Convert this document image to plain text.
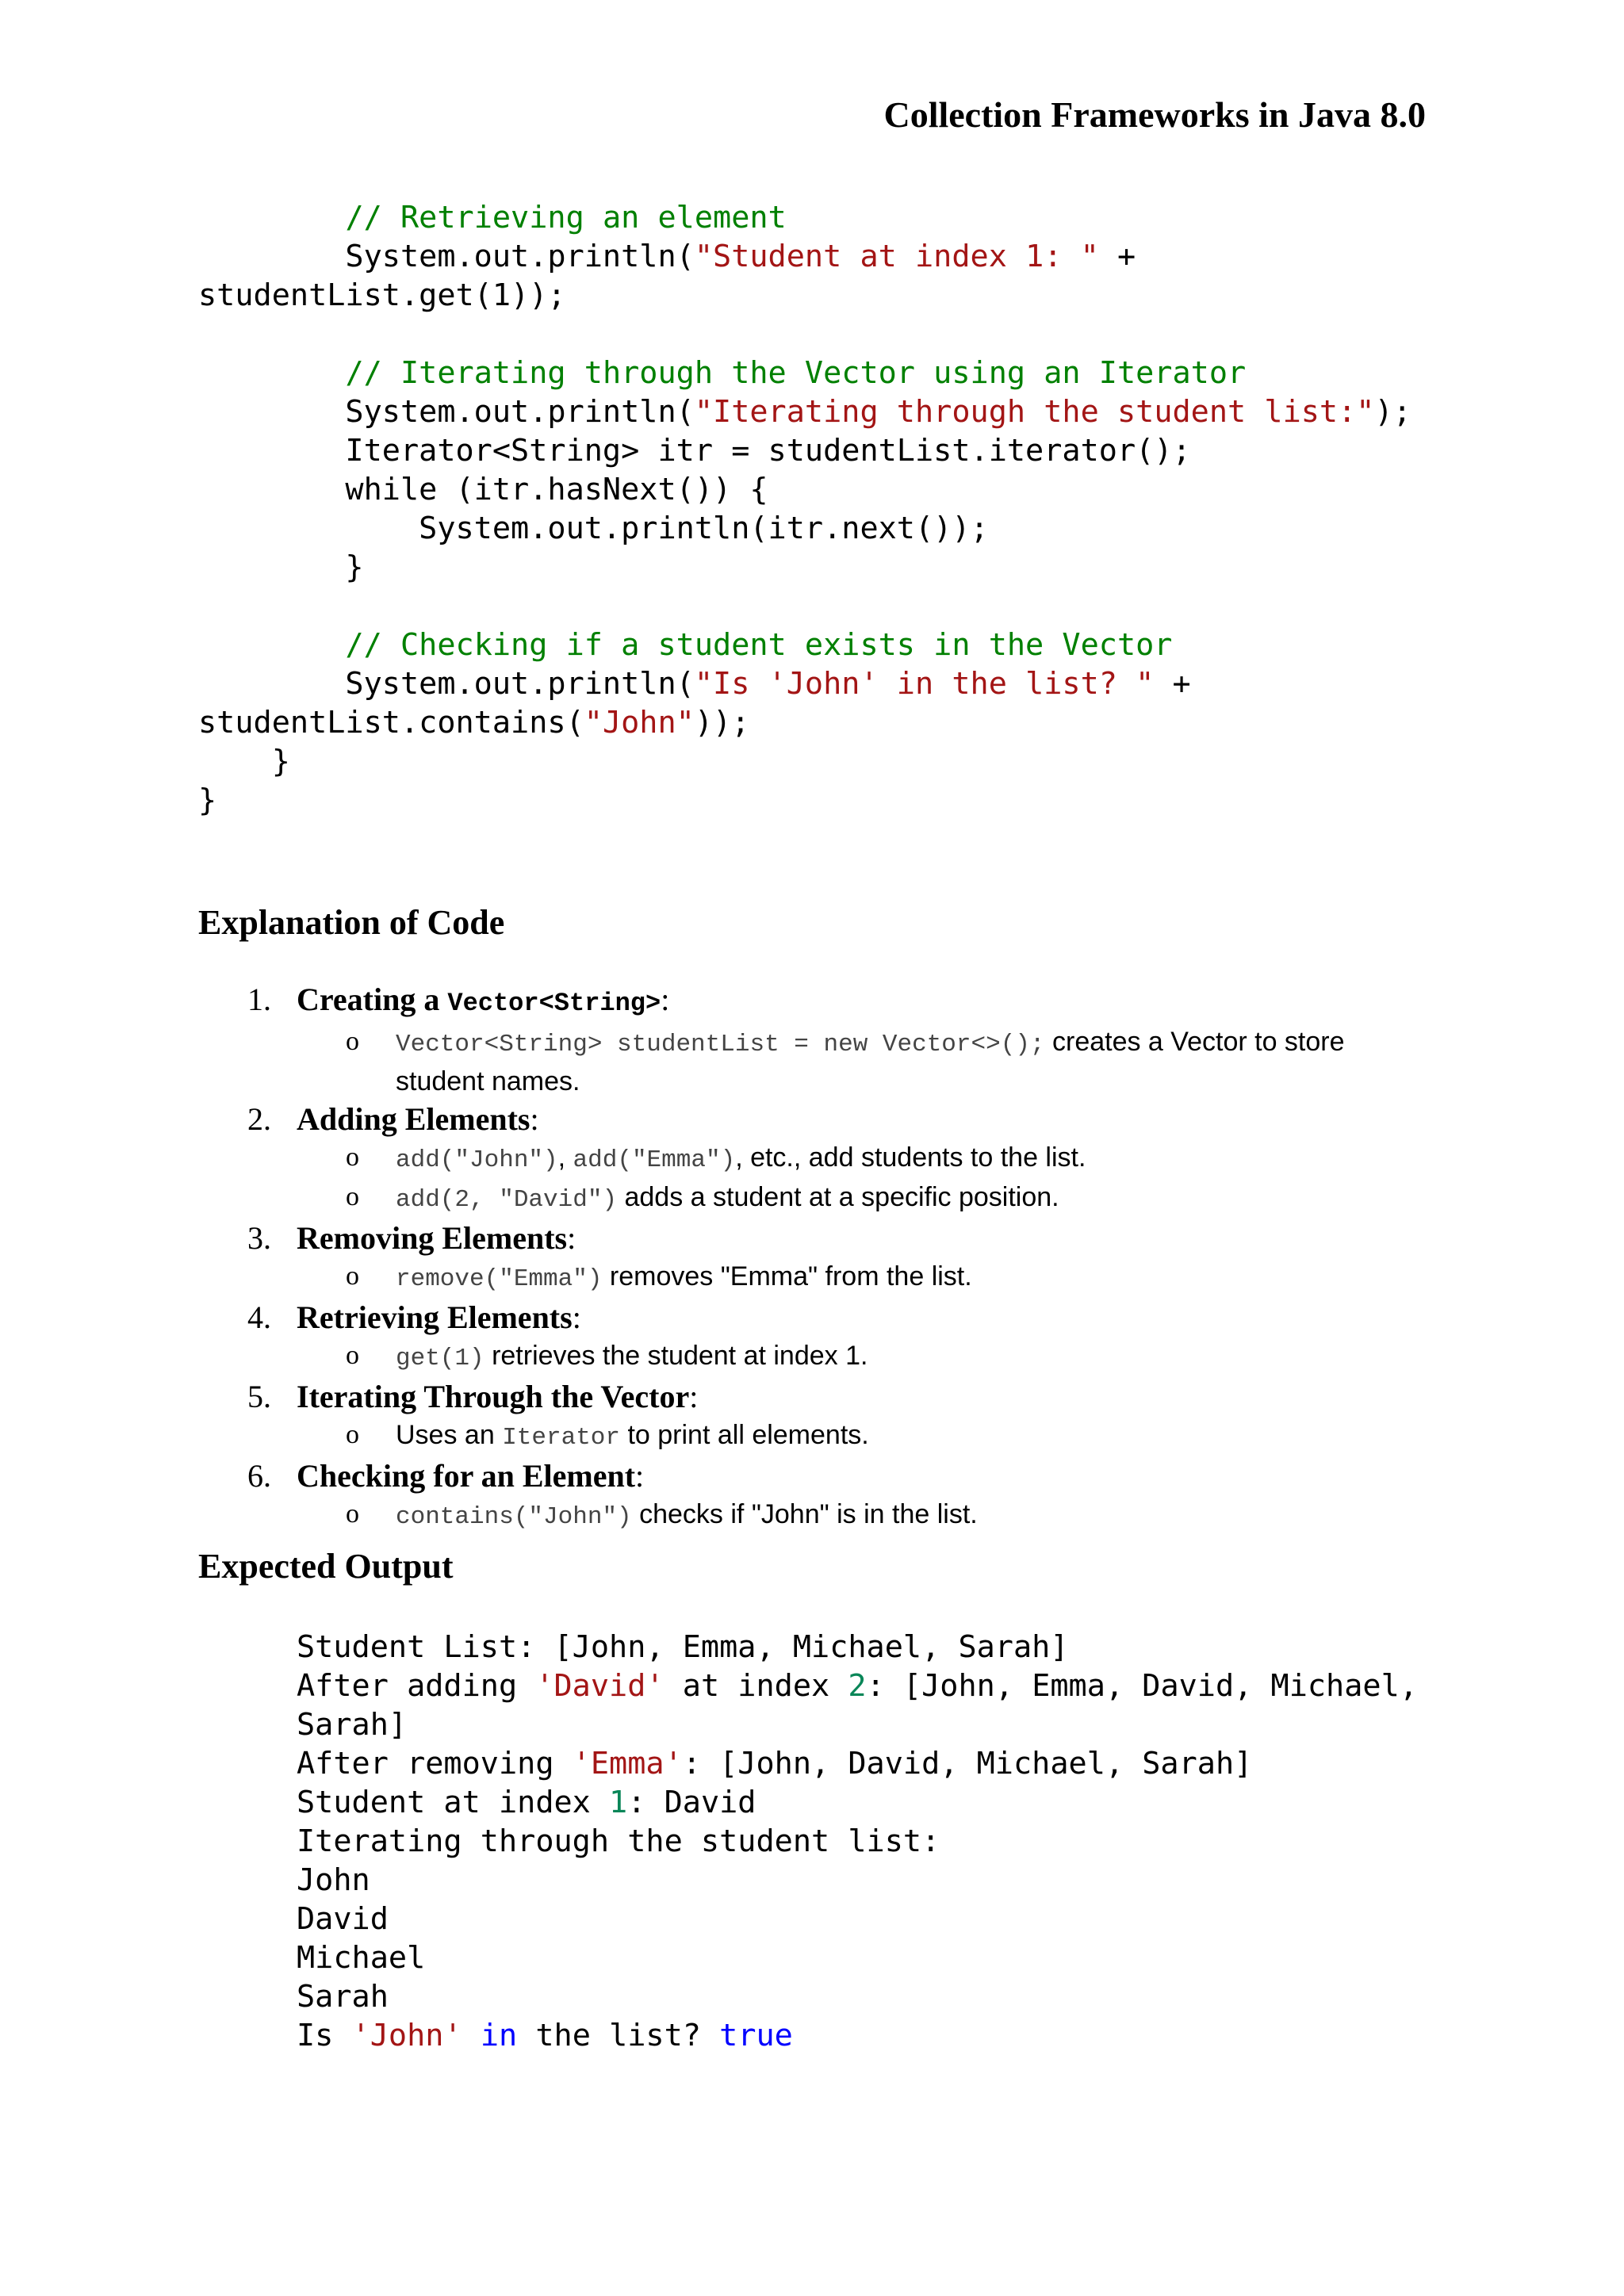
Collection Frameworks in Java 8.0
// Retrieving an element
System.out.println("Student at index 1: " +
studentList.get(1));

// Iterating through the Vector using an Iterator
System.out.println("Iterating through the student list:");
Iterator<String> itr = studentList.iterator();
while (itr.hasNext()) {
System.out.println(itr.next());
}

// Checking if a student exists in the Vector
System.out.println("Is 'John' in the list? " +
studentList.contains("John"));
}
}
Explanation of Code
1. Creating a Vector<String>:
o Vector<String> studentList = new Vector<>(); creates a Vector to store student names.
2. Adding Elements:
o add("John"), add("Emma"), etc., add students to the list.
o add(2, "David") adds a student at a specific position.
3. Removing Elements:
o remove("Emma") removes "Emma" from the list.
4. Retrieving Elements:
o get(1) retrieves the student at index 1.
5. Iterating Through the Vector:
o Uses an Iterator to print all elements.
6. Checking for an Element:
o contains("John") checks if "John" is in the list.
Expected Output
Student List: [John, Emma, Michael, Sarah]
After adding 'David' at index 2: [John, Emma, David, Michael,
Sarah]
After removing 'Emma': [John, David, Michael, Sarah]
Student at index 1: David
Iterating through the student list:
John
David
Michael
Sarah
Is 'John' in the list? true
